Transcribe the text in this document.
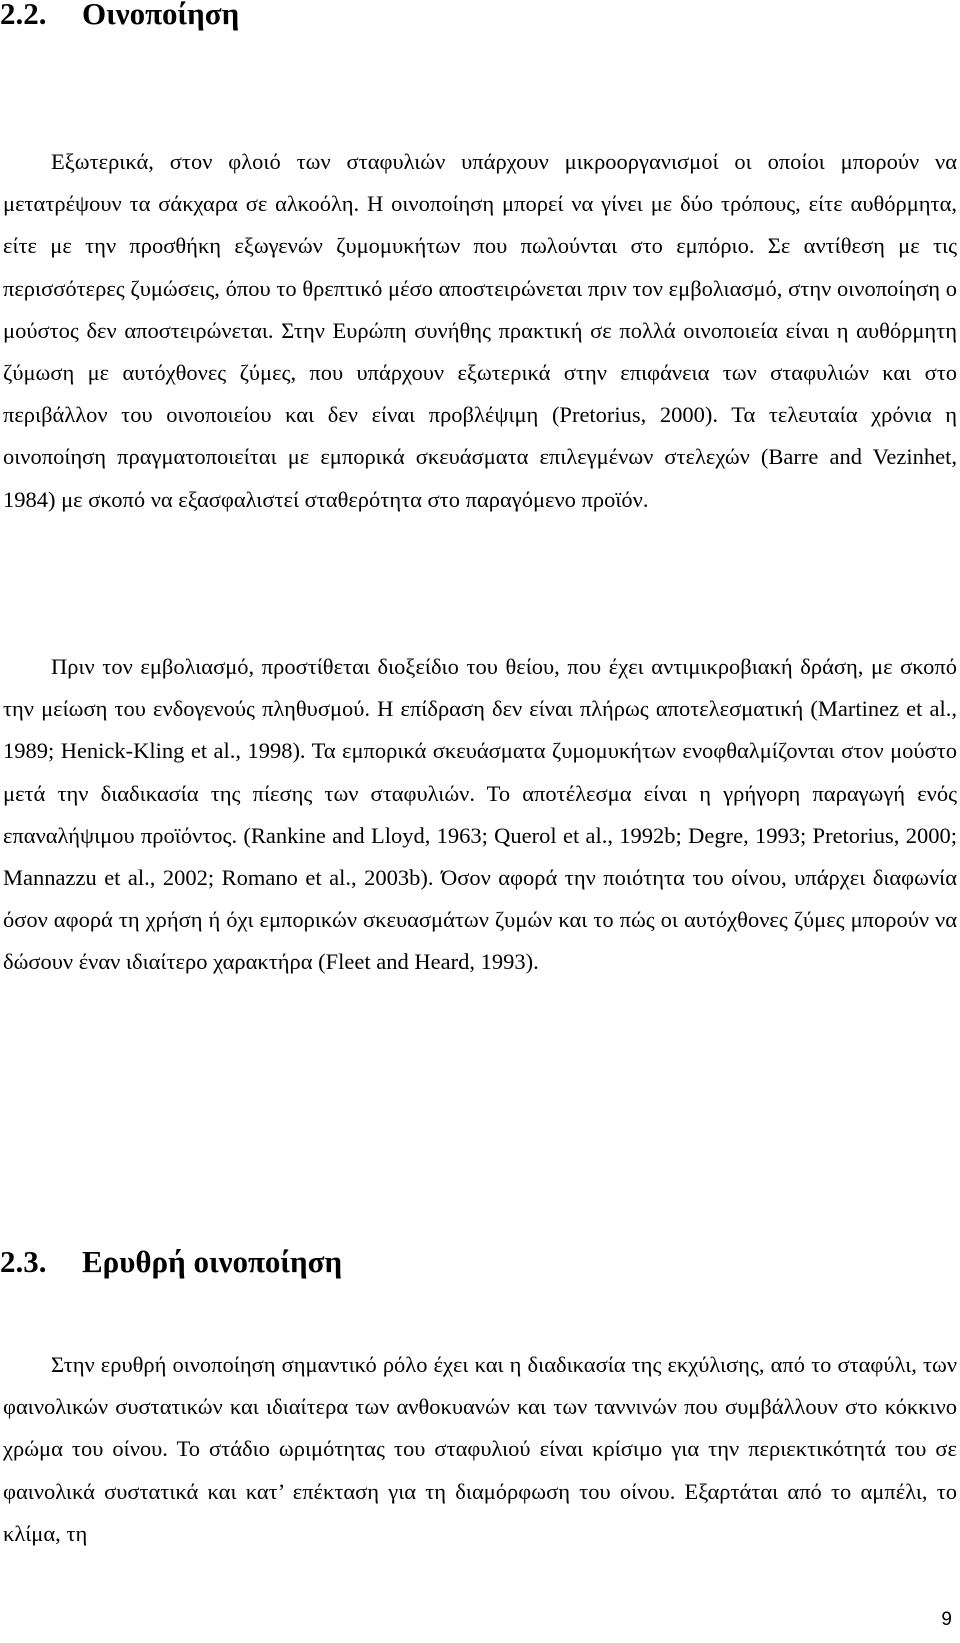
2.2. Οινοποίηση

Εξωτερικά, στον φλοιό των σταφυλιών υπάρχουν μικροοργανισμοί οι οποίοι μπορούν να μετατρέψουν τα σάκχαρα σε αλκοόλη. Η οινοποίηση μπορεί να γίνει με δύο τρόπους, είτε αυθόρμητα, είτε με την προσθήκη εξωγενών ζυμομυκήτων που πωλούνται στο εμπόριο. Σε αντίθεση με τις περισσότερες ζυμώσεις, όπου το θρεπτικό μέσο αποστειρώνεται πριν τον εμβολιασμό, στην οινοποίηση ο μούστος δεν αποστειρώνεται. Στην Ευρώπη συνήθης πρακτική σε πολλά οινοποιεία είναι η αυθόρμητη ζύμωση με αυτόχθονες ζύμες, που υπάρχουν εξωτερικά στην επιφάνεια των σταφυλιών και στο περιβάλλον του οινοποιείου και δεν είναι προβλέψιμη (Pretorius, 2000). Τα τελευταία χρόνια η οινοποίηση πραγματοποιείται με εμπορικά σκευάσματα επιλεγμένων στελεχών (Barre and Vezinhet, 1984) με σκοπό να εξασφαλιστεί σταθερότητα στο παραγόμενο προϊόν.

Πριν τον εμβολιασμό, προστίθεται διοξείδιο του θείου, που έχει αντιμικροβιακή δράση, με σκοπό την μείωση του ενδογενούς πληθυσμού. Η επίδραση δεν είναι πλήρως αποτελεσματική (Martinez et al., 1989; Henick-Kling et al., 1998). Τα εμπορικά σκευάσματα ζυμομυκήτων ενοφθαλμίζονται στον μούστο μετά την διαδικασία της πίεσης των σταφυλιών. Το αποτέλεσμα είναι η γρήγορη παραγωγή ενός επαναλήψιμου προϊόντος. (Rankine and Lloyd, 1963; Querol et al., 1992b; Degre, 1993; Pretorius, 2000; Mannazzu et al., 2002; Romano et al., 2003b). Όσον αφορά την ποιότητα του οίνου, υπάρχει διαφωνία όσον αφορά τη χρήση ή όχι εμπορικών σκευασμάτων ζυμών και το πώς οι αυτόχθονες ζύμες μπορούν να δώσουν έναν ιδιαίτερο χαρακτήρα (Fleet and Heard, 1993).

2.3. Ερυθρή οινοποίηση

Στην ερυθρή οινοποίηση σημαντικό ρόλο έχει και η διαδικασία της εκχύλισης, από το σταφύλι, των φαινολικών συστατικών και ιδιαίτερα των ανθοκυανών και των ταννινών που συμβάλλουν στο κόκκινο χρώμα του οίνου. Το στάδιο ωριμότητας του σταφυλιού είναι κρίσιμο για την περιεκτικότητά του σε φαινολικά συστατικά και κατ’ επέκταση για τη διαμόρφωση του οίνου. Εξαρτάται από το αμπέλι, το κλίμα, τη

9
